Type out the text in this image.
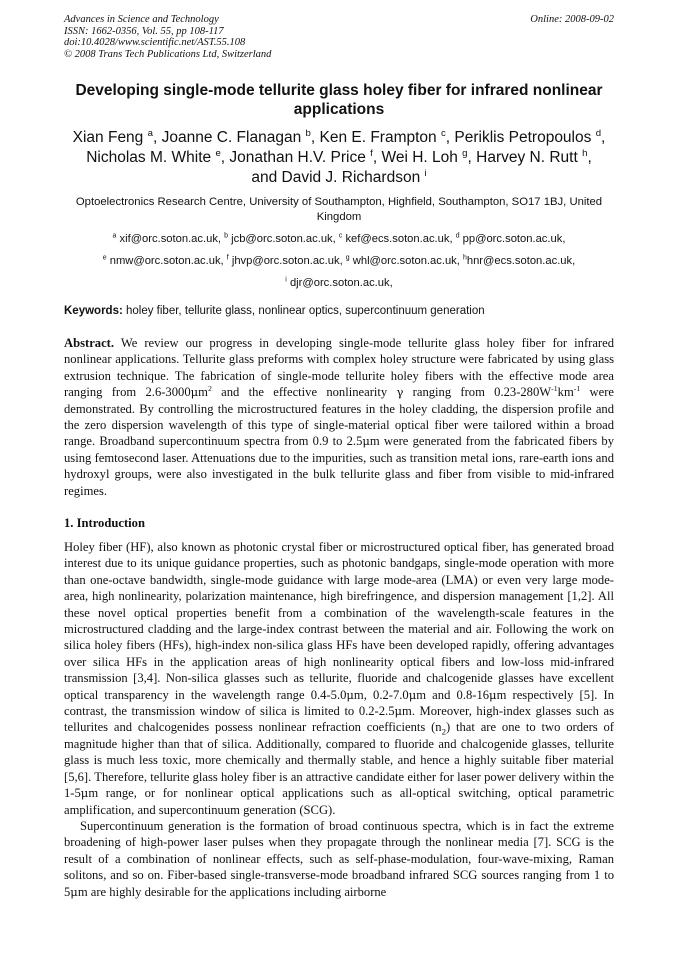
Advances in Science and Technology
ISSN: 1662-0356, Vol. 55, pp 108-117
doi:10.4028/www.scientific.net/AST.55.108
© 2008 Trans Tech Publications Ltd, Switzerland
Online: 2008-09-02
Developing single-mode tellurite glass holey fiber for infrared nonlinear applications
Xian Feng $^a$, Joanne C. Flanagan $^b$, Ken E. Frampton $^c$, Periklis Petropoulos $^d$,
Nicholas M. White $^e$, Jonathan H.V. Price $^f$, Wei H. Loh $^g$, Harvey N. Rutt $^h$,
and David J. Richardson $^i$
Optoelectronics Research Centre, University of Southampton, Highfield, Southampton, SO17 1BJ, United Kingdom
$^a$ xif@orc.soton.ac.uk, $^b$ jcb@orc.soton.ac.uk, $^c$ kef@ecs.soton.ac.uk, $^d$ pp@orc.soton.ac.uk,
$^e$ nmw@orc.soton.ac.uk, $^f$ jhvp@orc.soton.ac.uk, $^g$ whl@orc.soton.ac.uk, $^h$hnr@ecs.soton.ac.uk,
$^i$ djr@orc.soton.ac.uk,
Keywords: holey fiber, tellurite glass, nonlinear optics, supercontinuum generation

Abstract. We review our progress in developing single-mode tellurite glass holey fiber for infrared nonlinear applications. Tellurite glass preforms with complex holey structure were fabricated by using glass extrusion technique. The fabrication of single-mode tellurite holey fibers with the effective mode area ranging from $2.6-3000\mu m^2$ and the effective nonlinearity γ ranging from $0.23-280W^{-1}km^{-1}$ were demonstrated. By controlling the microstructured features in the holey cladding, the dispersion profile and the zero dispersion wavelength of this type of single-material optical fiber were tailored within a broad range. Broadband supercontinuum spectra from 0.9 to 2.5μm were generated from the fabricated fibers by using femtosecond laser. Attenuations due to the impurities, such as transition metal ions, rare-earth ions and hydroxyl groups, were also investigated in the bulk tellurite glass and fiber from visible to mid-infrared regimes.

1. Introduction

Holey fiber (HF), also known as photonic crystal fiber or microstructured optical fiber, has generated broad interest due to its unique guidance properties, such as photonic bandgaps, single-mode operation with more than one-octave bandwidth, single-mode guidance with large mode-area (LMA) or even very large mode-area, high nonlinearity, polarization maintenance, high birefringence, and dispersion management [1,2]. All these novel optical properties benefit from a combination of the wavelength-scale features in the microstructured cladding and the large-index contrast between the material and air. Following the work on silica holey fibers (HFs), high-index non-silica glass HFs have been developed rapidly, offering advantages over silica HFs in the application areas of high nonlinearity optical fibers and low-loss mid-infrared transmission [3,4]. Non-silica glasses such as tellurite, fluoride and chalcogenide glasses have excellent optical transparency in the wavelength range 0.4-5.0μm, 0.2-7.0μm and 0.8-16μm respectively [5]. In contrast, the transmission window of silica is limited to 0.2-2.5μm. Moreover, high-index glasses such as tellurites and chalcogenides possess nonlinear refraction coefficients $(n_2)$ that are one to two orders of magnitude higher than that of silica. Additionally, compared to fluoride and chalcogenide glasses, tellurite glass is much less toxic, more chemically and thermally stable, and hence a highly suitable fiber material [5,6]. Therefore, tellurite glass holey fiber is an attractive candidate either for laser power delivery within the 1-5μm range, or for nonlinear optical applications such as all-optical switching, optical parametric amplification, and supercontinuum generation (SCG).

Supercontinuum generation is the formation of broad continuous spectra, which is in fact the extreme broadening of high-power laser pulses when they propagate through the nonlinear media [7]. SCG is the result of a combination of nonlinear effects, such as self-phase-modulation, four-wave-mixing, Raman solitons, and so on. Fiber-based single-transverse-mode broadband infrared SCG sources ranging from 1 to 5μm are highly desirable for the applications including airborne
